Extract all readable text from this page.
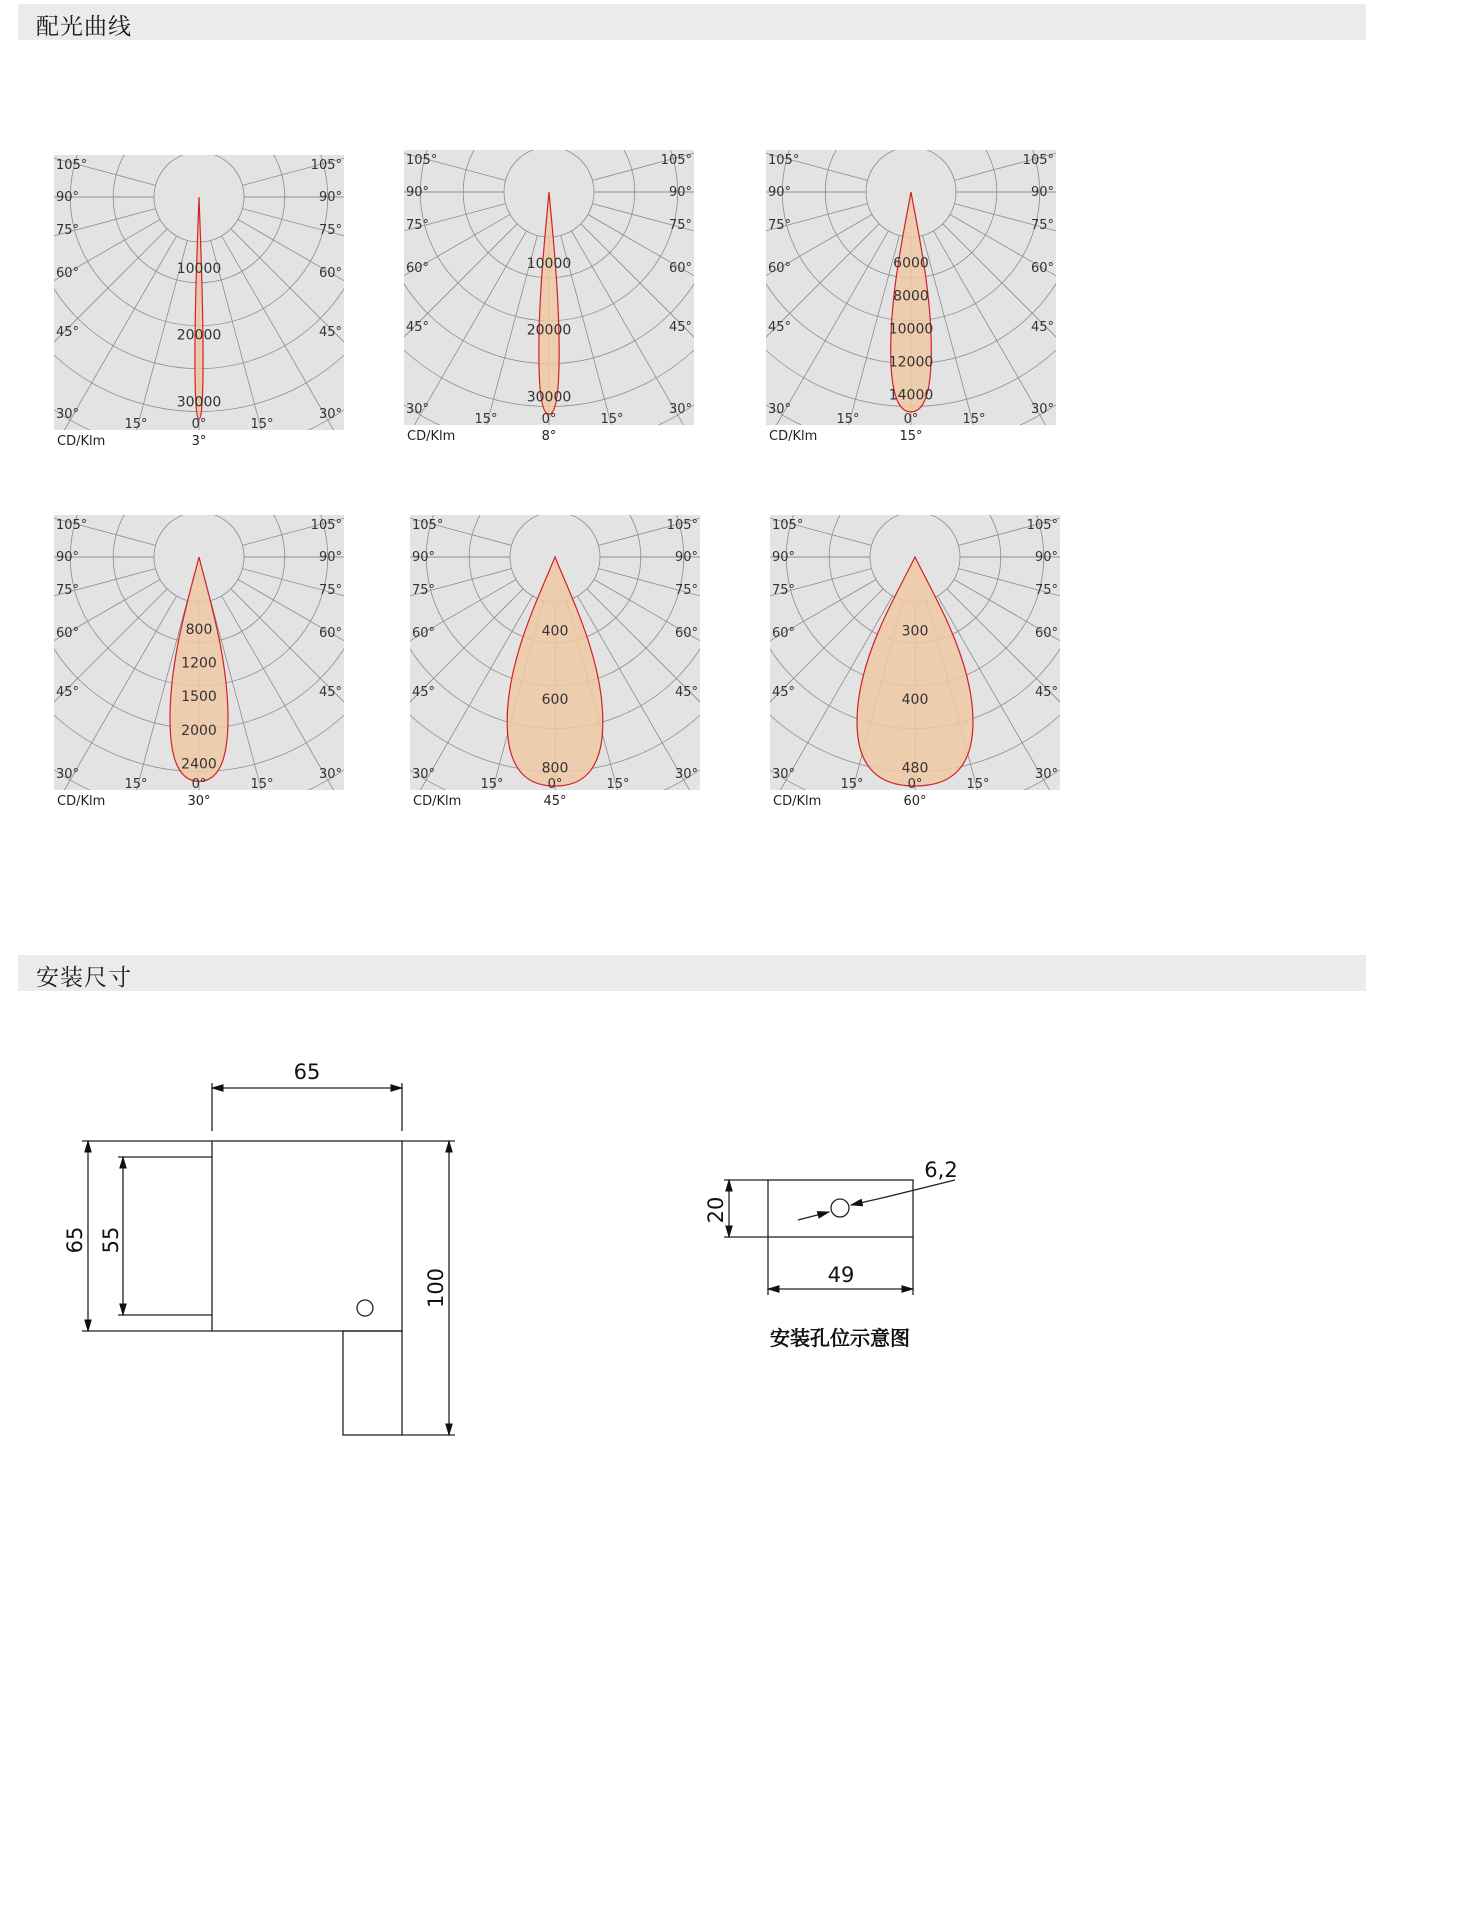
配光曲线
安装尺寸
10000
20000
30000
105°
90°
75°
60°
45°
30°
105°
90°
75°
60°
45°
30°
15°	15°
0°
CD/Klm	3°
10000
20000
30000
105°
90°
75°
60°
45°
30°
105°
90°
75°
60°
45°
30°
15°	15°
0°
CD/Klm	8°
6000
8000
10000
12000
14000
105°
90°
75°
60°
45°
30°
105°
90°
75°
60°
45°
30°
15°	15°
0°
CD/Klm	15°
800
1200
1500
2000
2400
105°
90°
75°
60°
45°
30°
105°
90°
75°
60°
45°
30°
15°	15°
0°
CD/Klm	30°
400
600
800
105°
90°
75°
60°
45°
30°
105°
90°
75°
60°
45°
30°
15°	15°
0°
CD/Klm	45°
300
400
480
105°
90°
75°
60°
45°
30°
105°
90°
75°
60°
45°
30°
15°	15°
0°
CD/Klm	60°
65
65 55
100
20
49
6,2
安装孔位示意图
